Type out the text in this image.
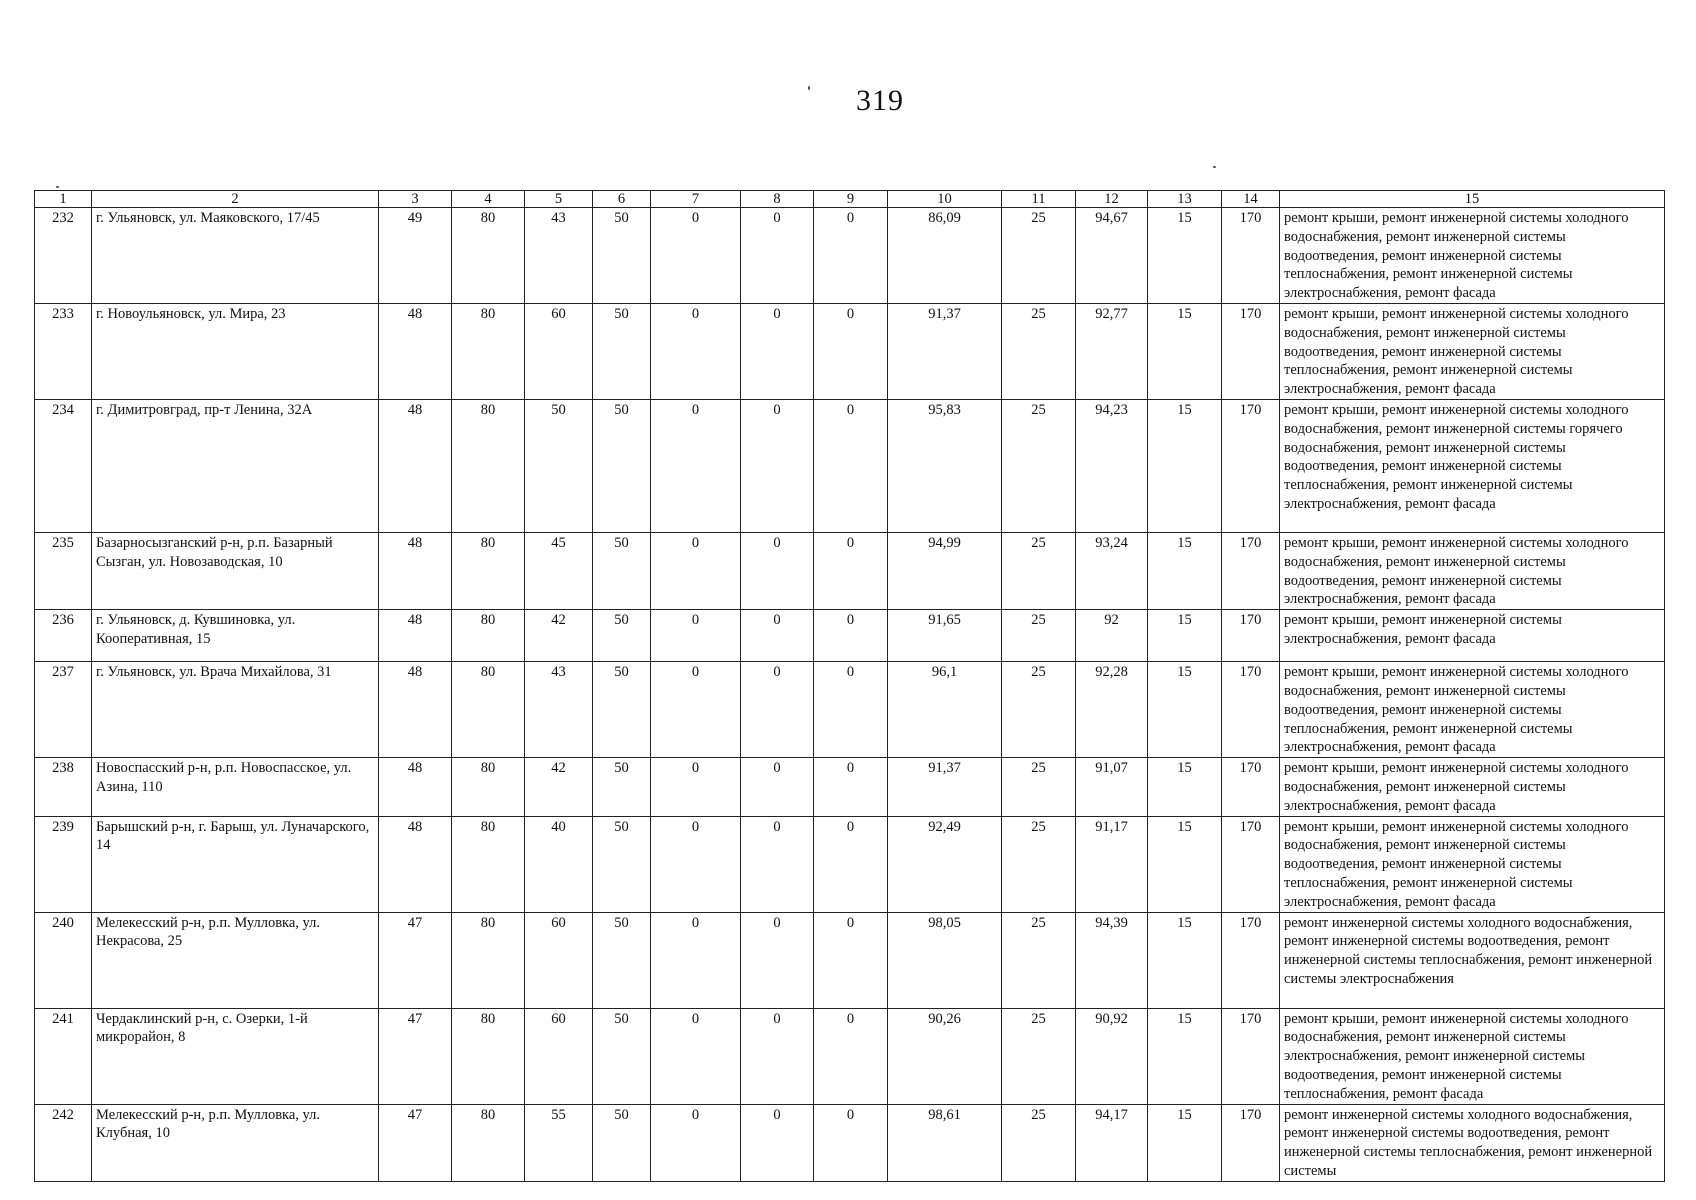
319
1	2	3	4	5	6	7	8	9	10	11	12	13	14	15
232	г. Ульяновск, ул. Маяковского, 17/45	49	80	43	50	0	0	0	86,09	25	94,67	15	170	ремонт крыши, ремонт инженерной системы холодного водоснабжения, ремонт инженерной системы водоотведения, ремонт инженерной системы теплоснабжения, ремонт инженерной системы электроснабжения, ремонт фасада
233	г. Новоульяновск, ул. Мира, 23	48	80	60	50	0	0	0	91,37	25	92,77	15	170	ремонт крыши, ремонт инженерной системы холодного водоснабжения, ремонт инженерной системы водоотведения, ремонт инженерной системы теплоснабжения, ремонт инженерной системы электроснабжения, ремонт фасада
234	г. Димитровград, пр-т Ленина, 32А	48	80	50	50	0	0	0	95,83	25	94,23	15	170	ремонт крыши, ремонт инженерной системы холодного водоснабжения, ремонт инженерной системы горячего водоснабжения, ремонт инженерной системы водоотведения, ремонт инженерной системы теплоснабжения, ремонт инженерной системы электроснабжения, ремонт фасада
235	Базарносызганский р-н, р.п. Базарный Сызган, ул. Новозаводская, 10	48	80	45	50	0	0	0	94,99	25	93,24	15	170	ремонт крыши, ремонт инженерной системы холодного водоснабжения, ремонт инженерной системы водоотведения, ремонт инженерной системы электроснабжения, ремонт фасада
236	г. Ульяновск, д. Кувшиновка, ул. Кооперативная, 15	48	80	42	50	0	0	0	91,65	25	92	15	170	ремонт крыши, ремонт инженерной системы электроснабжения, ремонт фасада
237	г. Ульяновск, ул. Врача Михайлова, 31	48	80	43	50	0	0	0	96,1	25	92,28	15	170	ремонт крыши, ремонт инженерной системы холодного водоснабжения, ремонт инженерной системы водоотведения, ремонт инженерной системы теплоснабжения, ремонт инженерной системы электроснабжения, ремонт фасада
238	Новоспасский р-н, р.п. Новоспасское, ул. Азина, 110	48	80	42	50	0	0	0	91,37	25	91,07	15	170	ремонт крыши, ремонт инженерной системы холодного водоснабжения, ремонт инженерной системы электроснабжения, ремонт фасада
239	Барышский р-н, г. Барыш, ул. Луначарского, 14	48	80	40	50	0	0	0	92,49	25	91,17	15	170	ремонт крыши, ремонт инженерной системы холодного водоснабжения, ремонт инженерной системы водоотведения, ремонт инженерной системы теплоснабжения, ремонт инженерной системы электроснабжения, ремонт фасада
240	Мелекесский р-н, р.п. Мулловка, ул. Некрасова, 25	47	80	60	50	0	0	0	98,05	25	94,39	15	170	ремонт инженерной системы холодного водоснабжения, ремонт инженерной системы водоотведения, ремонт инженерной системы теплоснабжения, ремонт инженерной системы электроснабжения
241	Чердаклинский р-н, с. Озерки, 1-й микрорайон, 8	47	80	60	50	0	0	0	90,26	25	90,92	15	170	ремонт крыши, ремонт инженерной системы холодного водоснабжения, ремонт инженерной системы электроснабжения, ремонт инженерной системы водоотведения, ремонт инженерной системы теплоснабжения, ремонт фасада
242	Мелекесский р-н, р.п. Мулловка, ул. Клубная, 10	47	80	55	50	0	0	0	98,61	25	94,17	15	170	ремонт инженерной системы холодного водоснабжения, ремонт инженерной системы водоотведения, ремонт инженерной системы теплоснабжения, ремонт инженерной системы
